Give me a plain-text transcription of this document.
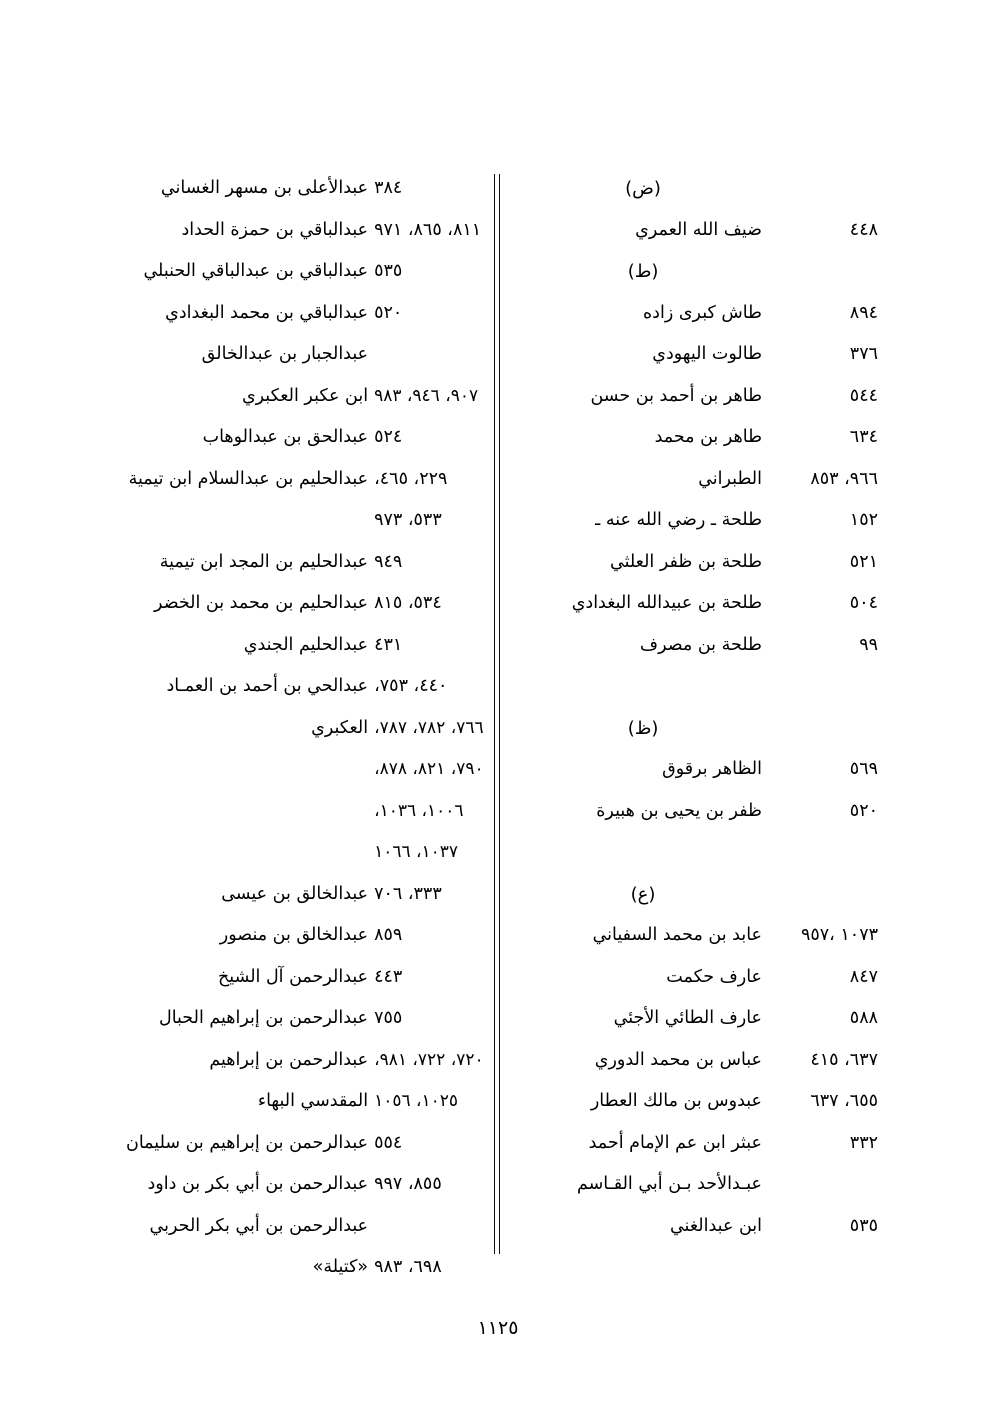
(ض)
٤٤٨
ضيف الله العمري
(ط)
٨٩٤
طاش كبرى زاده
٣٧٦
طالوت اليهودي
٥٤٤
طاهر بن أحمد بن حسن
٦٣٤
طاهر بن محمد
٩٦٦، ٨٥٣
الطبراني
١٥٢
طلحة ـ رضي الله عنه ـ
٥٢١
طلحة بن ظفر العلثي
٥٠٤
طلحة بن عبيدالله البغدادي
٩٩
طلحة بن مصرف
(ظ)
٥٦٩
الظاهر برقوق
٥٢٠
ظفر بن يحيى بن هبيرة
(ع)
١٠٧٣ ،٩٥٧
عابد بن محمد السفياني
٨٤٧
عارف حكمت
٥٨٨
عارف الطائي الأجئي
٦٣٧، ٤١٥
عباس بن محمد الدوري
٦٥٥، ٦٣٧
عبدوس بن مالك العطار
٣٣٢
عبثر ابن عم الإمام أحمد
عبـدالأحد بـن أبي القـاسم
٥٣٥
ابن عبدالغني
٣٨٤
عبدالأعلى بن مسهر الغساني
٨١١، ٨٦٥، ٩٧١
عبدالباقي بن حمزة الحداد
٥٣٥
عبدالباقي بن عبدالباقي الحنبلي
٥٢٠
عبدالباقي بن محمد البغدادي
عبدالجبار بن عبدالخالق
٩٠٧، ٩٤٦، ٩٨٣
ابن عكبر العكبري
٥٢٤
عبدالحق بن عبدالوهاب
٢٢٩، ٤٦٥،
عبدالحليم بن عبدالسلام ابن تيمية
٥٣٣، ٩٧٣
٩٤٩
عبدالحليم بن المجد ابن تيمية
٥٣٤، ٨١٥
عبدالحليم بن محمد بن الخضر
٤٣١
عبدالحليم الجندي
٤٤٠، ٧٥٣،
عبدالحي بن أحمد بن العمـاد
٧٦٦، ٧٨٢، ٧٨٧،
العكبري
٧٩٠، ٨٢١، ٨٧٨،
١٠٠٦، ١٠٣٦،
١٠٣٧، ١٠٦٦
٣٣٣، ٧٠٦
عبدالخالق بن عيسى
٨٥٩
عبدالخالق بن منصور
٤٤٣
عبدالرحمن آل الشيخ
٧٥٥
عبدالرحمن بن إبراهيم الحبال
٧٢٠، ٧٢٢، ٩٨١،
عبدالرحمن بن إبراهيم
١٠٢٥، ١٠٥٦
المقدسي البهاء
٥٥٤
عبدالرحمن بن إبراهيم بن سليمان
٨٥٥، ٩٩٧
عبدالرحمن بن أبي بكر بن داود
عبدالرحمن بن أبي بكر الحربي
٦٩٨، ٩٨٣
«كتيلة»
١١٢٥
